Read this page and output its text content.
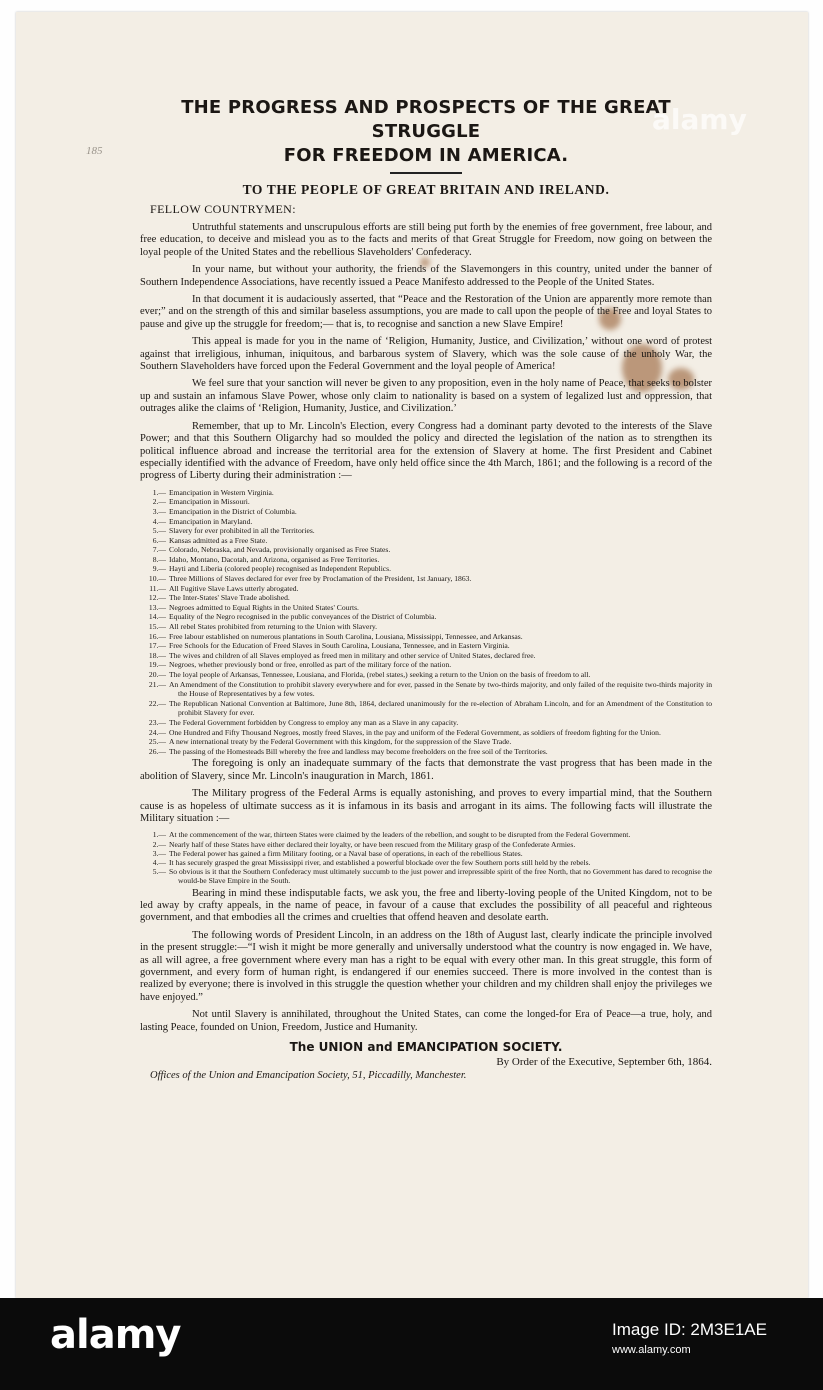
185
THE PROGRESS AND PROSPECTS OF THE GREAT STRUGGLE
FOR FREEDOM IN AMERICA.

TO THE PEOPLE OF GREAT BRITAIN AND IRELAND.

FELLOW COUNTRYMEN:

Untruthful statements and unscrupulous efforts are still being put forth by the enemies of free government, free labour, and free education, to deceive and mislead you as to the facts and merits of that Great Struggle for Freedom, now going on between the loyal people of the United States and the rebellious Slaveholders' Confederacy.

In your name, but without your authority, the friends of the Slavemongers in this country, united under the banner of Southern Independence Associations, have recently issued a Peace Manifesto addressed to the People of the United States.

In that document it is audaciously asserted, that “Peace and the Restoration of the Union are apparently more remote than ever;” and on the strength of this and similar baseless assumptions, you are made to call upon the people of the Free and loyal States to pause and give up the struggle for freedom;— that is, to recognise and sanction a new Slave Empire!

This appeal is made for you in the name of ‘Religion, Humanity, Justice, and Civilization,’ without one word of protest against that irreligious, inhuman, iniquitous, and barbarous system of Slavery, which was the sole cause of the unholy War, the Southern Slaveholders have forced upon the Federal Government and the loyal people of America!

We feel sure that your sanction will never be given to any proposition, even in the holy name of Peace, that seeks to bolster up and sustain an infamous Slave Power, whose only claim to nationality is based on a system of legalized lust and oppression, that outrages alike the claims of ‘Religion, Humanity, Justice, and Civilization.’

Remember, that up to Mr. Lincoln's Election, every Congress had a dominant party devoted to the interests of the Slave Power; and that this Southern Oligarchy had so moulded the policy and directed the legislation of the nation as to strengthen its political influence abroad and increase the territorial area for the extension of Slavery at home. The first President and Cabinet especially identified with the advance of Freedom, have only held office since the 4th March, 1861; and the following is a record of the progress of Liberty during their administration :—

1.— Emancipation in Western Virginia.
2.— Emancipation in Missouri.
3.— Emancipation in the District of Columbia.
4.— Emancipation in Maryland.
5.— Slavery for ever prohibited in all the Territories.
6.— Kansas admitted as a Free State.
7.— Colorado, Nebraska, and Nevada, provisionally organised as Free States.
8.— Idaho, Montano, Dacotah, and Arizona, organised as Free Territories.
9.— Hayti and Liberia (colored people) recognised as Independent Republics.
10.— Three Millions of Slaves declared for ever free by Proclamation of the President, 1st January, 1863.
11.— All Fugitive Slave Laws utterly abrogated.
12.— The Inter-States' Slave Trade abolished.
13.— Negroes admitted to Equal Rights in the United States' Courts.
14.— Equality of the Negro recognised in the public conveyances of the District of Columbia.
15.— All rebel States prohibited from returning to the Union with Slavery.
16.— Free labour established on numerous plantations in South Carolina, Lousiana, Mississippi, Tennessee, and Arkansas.
17.— Free Schools for the Education of Freed Slaves in South Carolina, Lousiana, Tennessee, and in Eastern Virginia.
18.— The wives and children of all Slaves employed as freed men in military and other service of United States, declared free.
19.— Negroes, whether previously bond or free, enrolled as part of the military force of the nation.
20.— The loyal people of Arkansas, Tennessee, Lousiana, and Florida, (rebel states,) seeking a return to the Union on the basis of freedom to all.
21.— An Amendment of the Constitution to prohibit slavery everywhere and for ever, passed in the Senate by two-thirds majority, and only failed of the requisite two-thirds majority in the House of Representatives by a few votes.
22.— The Republican National Convention at Baltimore, June 8th, 1864, declared unanimously for the re-election of Abraham Lincoln, and for an Amendment of the Constitution to prohibit Slavery for ever.
23.— The Federal Government forbidden by Congress to employ any man as a Slave in any capacity.
24.— One Hundred and Fifty Thousand Negroes, mostly freed Slaves, in the pay and uniform of the Federal Government, as soldiers of freedom fighting for the Union.
25.— A new international treaty by the Federal Government with this kingdom, for the suppression of the Slave Trade.
26.— The passing of the Homesteads Bill whereby the free and landless may become freeholders on the free soil of the Territories.

The foregoing is only an inadequate summary of the facts that demonstrate the vast progress that has been made in the abolition of Slavery, since Mr. Lincoln's inauguration in March, 1861.

The Military progress of the Federal Arms is equally astonishing, and proves to every impartial mind, that the Southern cause is as hopeless of ultimate success as it is infamous in its basis and arrogant in its aims. The following facts will illustrate the Military situation :—

1.— At the commencement of the war, thirteen States were claimed by the leaders of the rebellion, and sought to be disrupted from the Federal Government.
2.— Nearly half of these States have either declared their loyalty, or have been rescued from the Military grasp of the Confederate Armies.
3.— The Federal power has gained a firm Military footing, or a Naval base of operations, in each of the rebellious States.
4.— It has securely grasped the great Mississippi river, and established a powerful blockade over the few Southern ports still held by the rebels.
5.— So obvious is it that the Southern Confederacy must ultimately succumb to the just power and irrepressible spirit of the free North, that no Government has dared to recognise the would-be Slave Empire in the South.

Bearing in mind these indisputable facts, we ask you, the free and liberty-loving people of the United Kingdom, not to be led away by crafty appeals, in the name of peace, in favour of a cause that excludes the possibility of all peaceful and righteous government, and that embodies all the crimes and cruelties that offend heaven and desolate earth.

The following words of President Lincoln, in an address on the 18th of August last, clearly indicate the principle involved in the present struggle:—“I wish it might be more generally and universally understood what the country is now engaged in. We have, as all will agree, a free government where every man has a right to be equal with every other man. In this great struggle, this form of government, and every form of human right, is endangered if our enemies succeed. There is more involved in the contest than is realized by everyone; there is involved in this struggle the question whether your children and my children shall enjoy the privileges we have enjoyed.”

Not until Slavery is annihilated, throughout the United States, can come the longed-for Era of Peace—a true, holy, and lasting Peace, founded on Union, Freedom, Justice and Humanity.

The UNION and EMANCIPATION SOCIETY.

By Order of the Executive, September 6th, 1864.

Offices of the Union and Emancipation Society, 51, Piccadilly, Manchester.

alamy
alamy	Image ID: 2M3E1AE
www.alamy.com
